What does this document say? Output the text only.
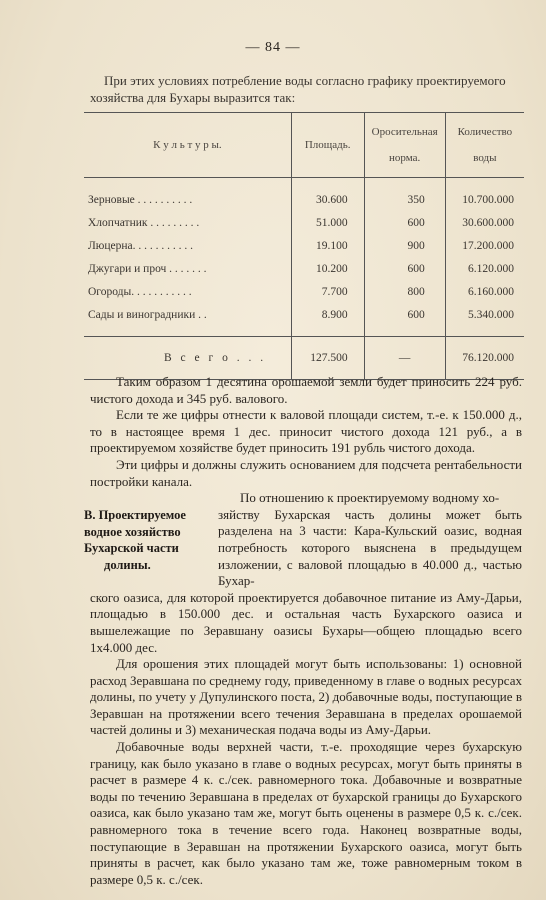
— 84 —
При этих условиях потребление воды согласно графику проектируемого хозяйства для Бухары выразится так:
К у л ь т у р ы.	Площадь.	Оросительная норма.	Количество воды

Зерновые . . . . . . . . . .	30.600	350	10.700.000
Хлопчатник . . . . . . . . .	51.000	600	30.600.000
Люцерна. . . . . . . . . . .	19.100	900	17.200.000
Джугари и проч . . . . . . .	10.200	600	6.120.000
Огороды. . . . . . . . . . .	7.700	800	6.160.000
Сады и виноградники . .	8.900	600	5.340.000

В с е г о . . .	127.500	—	76.120.000

Таким образом 1 десятина орошаемой земли будет приносить 224 руб. чистого дохода и 345 руб. валового.

Если те же цифры отнести к валовой площади систем, т.-е. к 150.000 д., то в настоящее время 1 дес. приносит чистого дохода 121 руб., а в проектируемом хозяйстве будет приносить 191 рубль чистого дохода.

Эти цифры и должны служить основанием для подсчета рентабельности постройки канала.

По отношению к проектируемому водному хо-

зяйству Бухарская часть долины может быть разделена на 3 части: Кара-Кульский оазис, водная потребность которого выяснена в предыдущем изложении, с валовой площадью в 40.000 д., частью Бухар-

ского оазиса, для которой проектируется добавочное питание из Аму-Дарьи, площадью в 150.000 дес. и остальная часть Бухарского оазиса и вышележащие по Зеравшану оазисы Бухары—общею площадью всего 1х4.000 дес.

Для орошения этих площадей могут быть использованы: 1) основной расход Зеравшана по среднему году, приведенному в главе о водных ресурсах долины, по учету у Дупулинского поста, 2) добавочные воды, поступающие в Зеравшан на протяжении всего течения Зеравшана в пределах орошаемой частей долины и 3) механическая подача воды из Аму-Дарьи.

Добавочные воды верхней части, т.-е. проходящие через бухарскую границу, как было указано в главе о водных ресурсах, могут быть приняты в расчет в размере 4 к. с./сек. равномерного тока. Добавочные и возвратные воды по течению Зеравшана в пределах от бухарской границы до Бухарского оазиса, как было указано там же, могут быть оценены в размере 0,5 к. с./сек. равномерного тока в течение всего года. Наконец возвратные воды, поступающие в Зеравшан на протяжении Бухарского оазиса, могут быть приняты в расчет, как было указано там же, тоже равномерным током в размере 0,5 к. с./сек.

В. Проектируемое
водное хозяйство
Бухарской части
долины.
